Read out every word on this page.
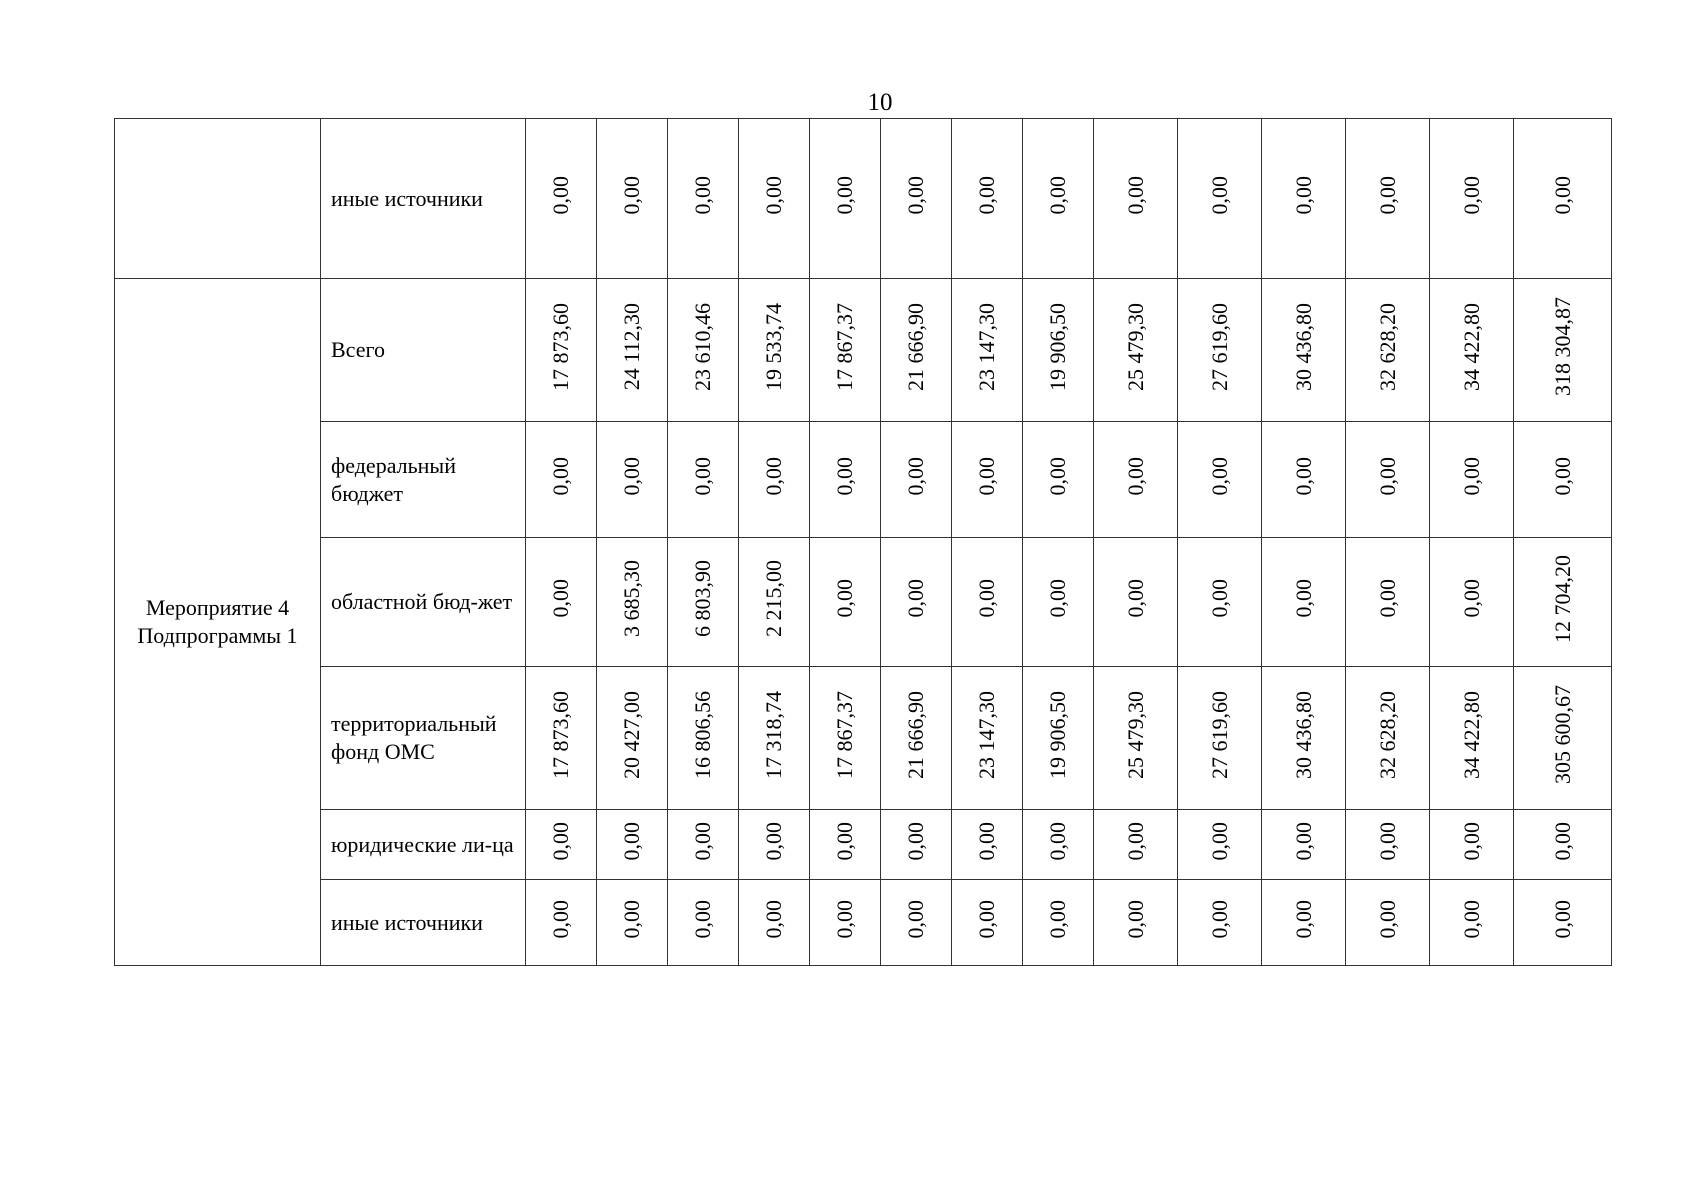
10
	иные источники	0,00	0,00	0,00	0,00	0,00	0,00	0,00	0,00	0,00	0,00	0,00	0,00	0,00	0,00

Мероприятие 4
Подпрограммы 1	Всего	17 873,60	24 112,30	23 610,46	19 533,74	17 867,37	21 666,90	23 147,30	19 906,50	25 479,30	27 619,60	30 436,80	32 628,20	34 422,80	318 304,87
	федеральный бюджет	0,00	0,00	0,00	0,00	0,00	0,00	0,00	0,00	0,00	0,00	0,00	0,00	0,00	0,00
	областной бюд-жет	0,00	3 685,30	6 803,90	2 215,00	0,00	0,00	0,00	0,00	0,00	0,00	0,00	0,00	0,00	12 704,20
	территориальный фонд ОМС	17 873,60	20 427,00	16 806,56	17 318,74	17 867,37	21 666,90	23 147,30	19 906,50	25 479,30	27 619,60	30 436,80	32 628,20	34 422,80	305 600,67
	юридические ли-ца	0,00	0,00	0,00	0,00	0,00	0,00	0,00	0,00	0,00	0,00	0,00	0,00	0,00	0,00
	иные источники	0,00	0,00	0,00	0,00	0,00	0,00	0,00	0,00	0,00	0,00	0,00	0,00	0,00	0,00
